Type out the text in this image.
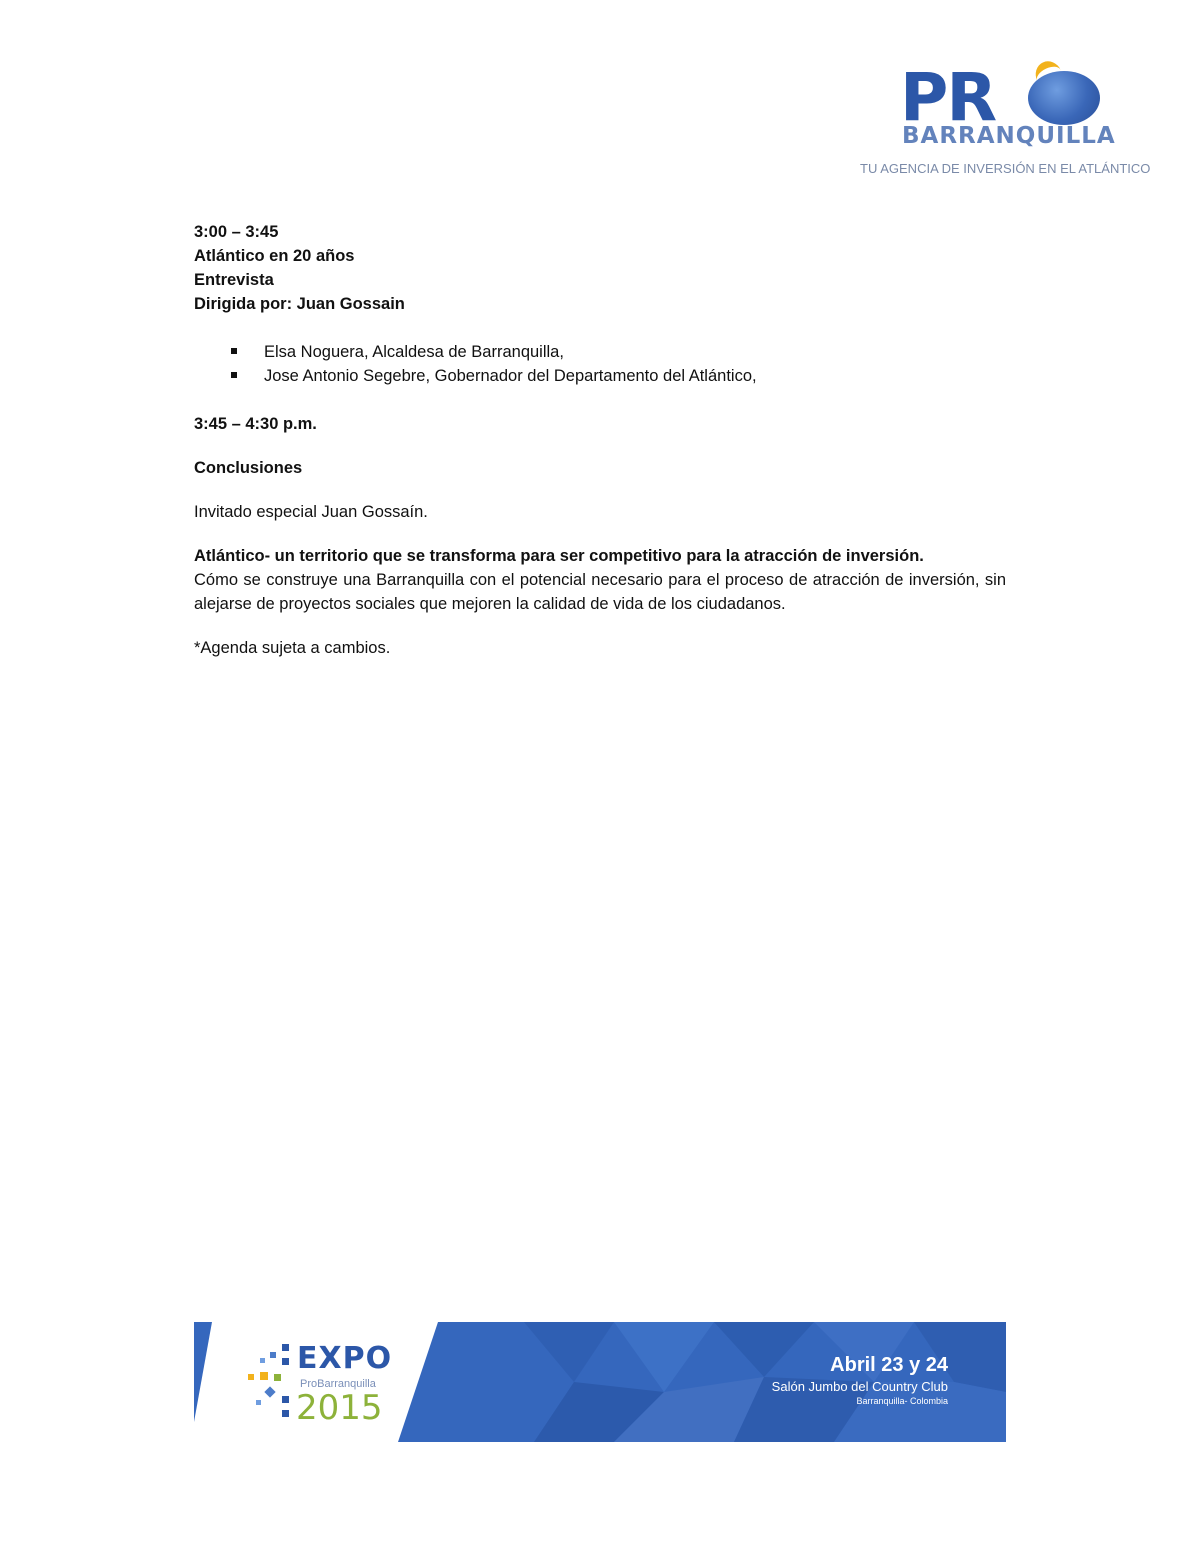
PR
BARRANQUILLA
TU AGENCIA DE INVERSIÓN EN EL ATLÁNTICO

3:00 – 3:45

Atlántico en 20 años

Entrevista

Dirigida por: Juan Gossain

Elsa Noguera, Alcaldesa de Barranquilla,
Jose Antonio Segebre, Gobernador del Departamento del Atlántico,

3:45 – 4:30 p.m.

Conclusiones

Invitado especial Juan Gossaín.

Atlántico- un territorio que se transforma para ser competitivo para la atracción de inversión.

Cómo se construye una Barranquilla con el potencial necesario para el proceso de atracción de inversión, sin alejarse de proyectos sociales que mejoren la calidad de vida de los ciudadanos.

*Agenda sujeta a cambios.

EXPO
ProBarranquilla
2015
Abril 23 y 24
Salón Jumbo del Country Club
Barranquilla- Colombia
